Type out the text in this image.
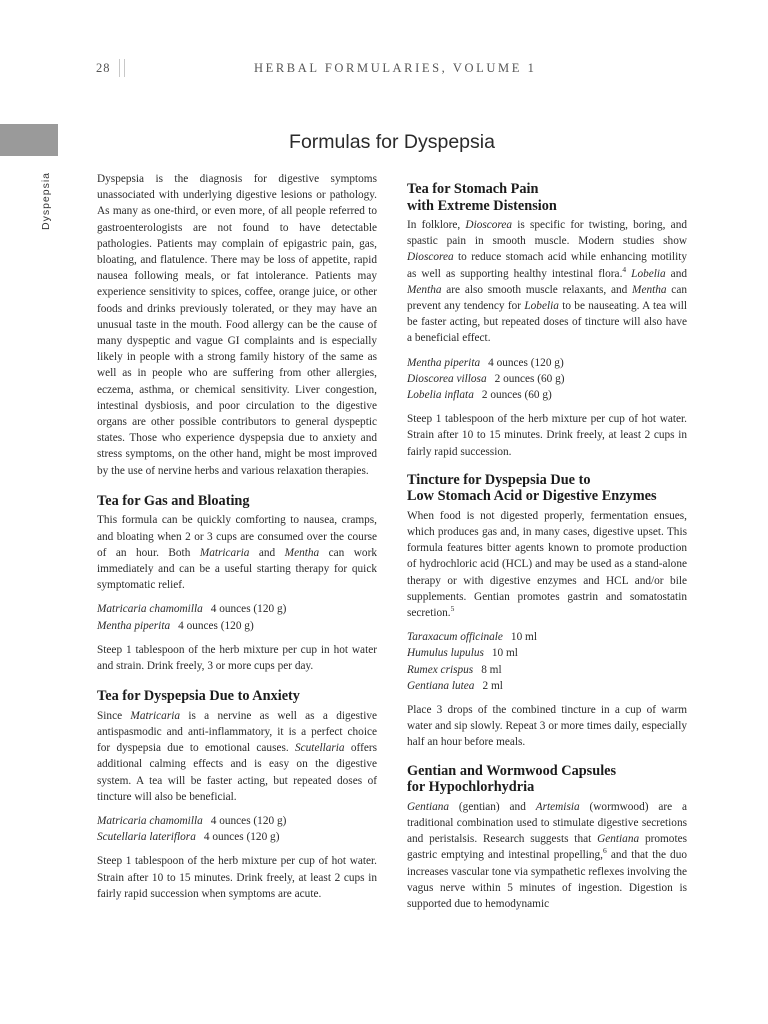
28	HERBAL FORMULARIES, VOLUME 1
Dyspepsia
Formulas for Dyspepsia

Dyspepsia is the diagnosis for digestive symptoms unassociated with underlying digestive lesions or pathology. As many as one-third, or even more, of all people referred to gastroenterologists are not found to have detectable pathologies. Patients may complain of epigastric pain, gas, bloating, and flatulence. There may be loss of appetite, rapid nausea following meals, or fat intolerance. Patients may experience sensitivity to spices, coffee, orange juice, or other foods and drinks previously tolerated, or they may have an unusual taste in the mouth. Food allergy can be the cause of many dyspeptic and vague GI complaints and is especially likely in people with a strong family history of the same as well as in people who are suffering from other allergies, eczema, asthma, or chemical sensitivity. Liver congestion, intestinal dysbiosis, and poor circulation to the digestive organs are other possible contributors to general dyspeptic states. Those who experience dyspepsia due to anxiety and stress symptoms, on the other hand, might be most improved by the use of nervine herbs and various relaxation therapies.

Tea for Gas and Bloating

This formula can be quickly comforting to nausea, cramps, and bloating when 2 or 3 cups are consumed over the course of an hour. Both Matricaria and Mentha can work immediately and can be a useful starting therapy for quick symptomatic relief.

Matricaria chamomilla 4 ounces (120 g)
Mentha piperita 4 ounces (120 g)

Steep 1 tablespoon of the herb mixture per cup in hot water and strain. Drink freely, 3 or more cups per day.

Tea for Dyspepsia Due to Anxiety

Since Matricaria is a nervine as well as a digestive antispasmodic and anti-inflammatory, it is a perfect choice for dyspepsia due to emotional causes. Scutellaria offers additional calming effects and is easy on the digestive system. A tea will be faster acting, but repeated doses of tincture will also be beneficial.

Matricaria chamomilla 4 ounces (120 g)
Scutellaria lateriflora 4 ounces (120 g)

Steep 1 tablespoon of the herb mixture per cup of hot water. Strain after 10 to 15 minutes. Drink freely, at least 2 cups in fairly rapid succession when symptoms are acute.

Tea for Stomach Pain
with Extreme Distension

In folklore, Dioscorea is specific for twisting, boring, and spastic pain in smooth muscle. Modern studies show Dioscorea to reduce stomach acid while enhancing motility as well as supporting healthy intestinal flora.$^4$ Lobelia and Mentha are also smooth muscle relaxants, and Mentha can prevent any tendency for Lobelia to be nauseating. A tea will be faster acting, but repeated doses of tincture will also have a beneficial effect.

Mentha piperita 4 ounces (120 g)
Dioscorea villosa 2 ounces (60 g)
Lobelia inflata 2 ounces (60 g)

Steep 1 tablespoon of the herb mixture per cup of hot water. Strain after 10 to 15 minutes. Drink freely, at least 2 cups in fairly rapid succession.

Tincture for Dyspepsia Due to
Low Stomach Acid or Digestive Enzymes

When food is not digested properly, fermentation ensues, which produces gas and, in many cases, digestive upset. This formula features bitter agents known to promote production of hydrochloric acid (HCL) and may be used as a stand-alone therapy or with digestive enzymes and HCL and/or bile supplements. Gentian promotes gastrin and somatostatin secretion.$^5$

Taraxacum officinale 10 ml
Humulus lupulus 10 ml
Rumex crispus 8 ml
Gentiana lutea 2 ml

Place 3 drops of the combined tincture in a cup of warm water and sip slowly. Repeat 3 or more times daily, especially half an hour before meals.

Gentian and Wormwood Capsules
for Hypochlorhydria

Gentiana (gentian) and Artemisia (wormwood) are a traditional combination used to stimulate digestive secretions and peristalsis. Research suggests that Gentiana promotes gastric emptying and intestinal propelling,$^6$ and that the duo increases vascular tone via sympathetic reflexes involving the vagus nerve within 5 minutes of ingestion. Digestion is supported due to hemodynamic
